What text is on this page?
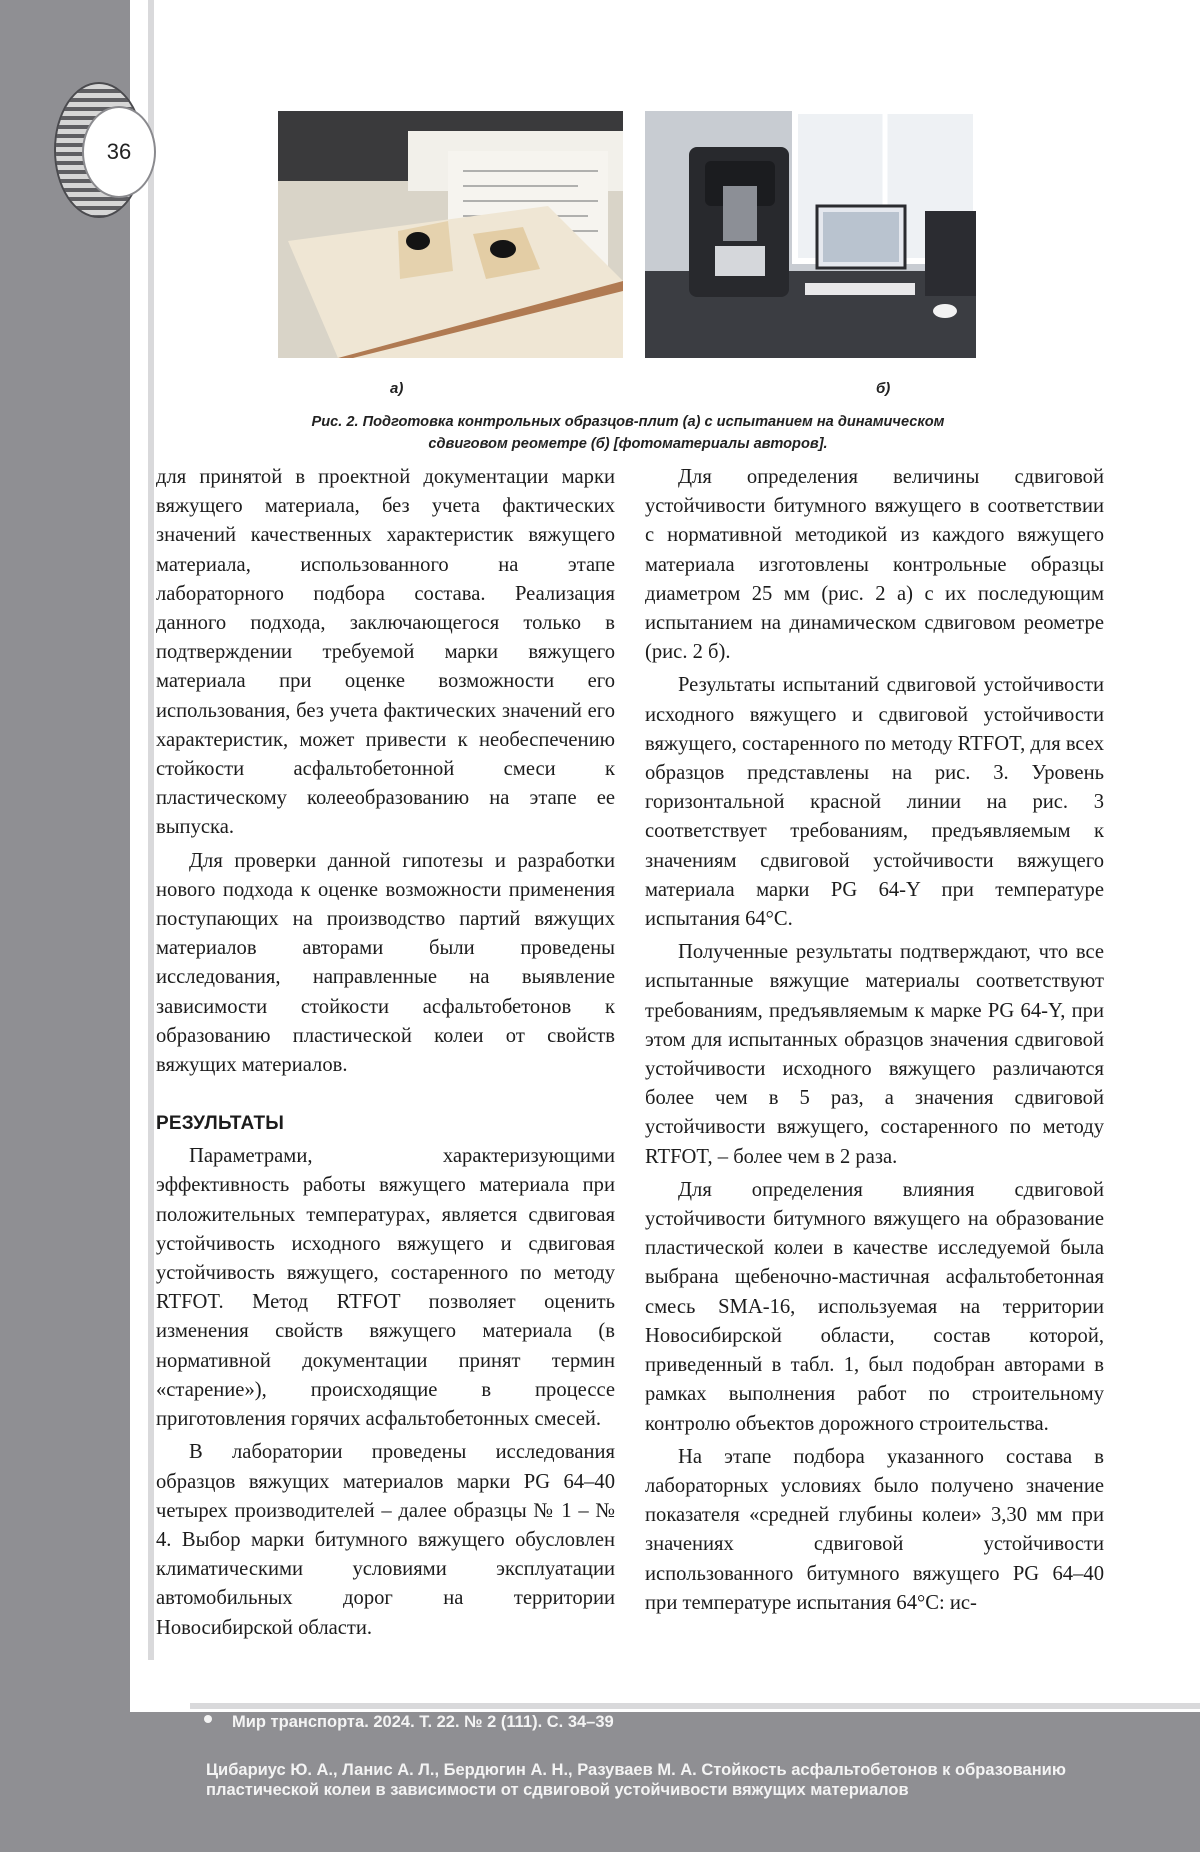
36
а)	б)
Рис. 2. Подготовка контрольных образцов-плит (а) с испытанием на динамическом
сдвиговом реометре (б) [фотоматериалы авторов].

для принятой в проектной документации марки вяжущего материала, без учета фактических значений качественных характеристик вяжущего материала, использованного на этапе лабораторного подбора состава. Реализация данного подхода, заключающегося только в подтверждении требуемой марки вяжущего материала при оценке возможности его использования, без учета фактических значений его характеристик, может привести к необеспечению стойкости асфальтобетонной смеси к пластическому колееобразованию на этапе ее выпуска.

Для проверки данной гипотезы и разработки нового подхода к оценке возможности применения поступающих на производство партий вяжущих материалов авторами были проведены исследования, направленные на выявление зависимости стойкости асфальтобетонов к образованию пластической колеи от свойств вяжущих материалов.

РЕЗУЛЬТАТЫ

Параметрами, характеризующими эффективность работы вяжущего материала при положительных температурах, является сдвиговая устойчивость исходного вяжущего и сдвиговая устойчивость вяжущего, состаренного по методу RTFOT. Метод RTFOT позволяет оценить изменения свойств вяжущего материала (в нормативной документации принят термин «старение»), происходящие в процессе приготовления горячих асфальтобетонных смесей.

В лаборатории проведены исследования образцов вяжущих материалов марки PG 64–40 четырех производителей – далее образцы № 1 – № 4. Выбор марки битумного вяжущего обусловлен климатическими условиями эксплуатации автомобильных дорог на территории Новосибирской области.

Для определения величины сдвиговой устойчивости битумного вяжущего в соответствии с нормативной методикой из каждого вяжущего материала изготовлены контрольные образцы диаметром 25 мм (рис. 2 а) с их последующим испытанием на динамическом сдвиговом реометре (рис. 2 б).

Результаты испытаний сдвиговой устойчивости исходного вяжущего и сдвиговой устойчивости вяжущего, состаренного по методу RTFOT, для всех образцов представлены на рис. 3. Уровень горизонтальной красной линии на рис. 3 соответствует требованиям, предъявляемым к значениям сдвиговой устойчивости вяжущего материала марки PG 64-Y при температуре испытания 64°С.

Полученные результаты подтверждают, что все испытанные вяжущие материалы соответствуют требованиям, предъявляемым к марке PG 64-Y, при этом для испытанных образцов значения сдвиговой устойчивости исходного вяжущего различаются более чем в 5 раз, а значения сдвиговой устойчивости вяжущего, состаренного по методу RTFOT, – более чем в 2 раза.

Для определения влияния сдвиговой устойчивости битумного вяжущего на образование пластической колеи в качестве исследуемой была выбрана щебеночно-мастичная асфальтобетонная смесь SMA-16, используемая на территории Новосибирской области, состав которой, приведенный в табл. 1, был подобран авторами в рамках выполнения работ по строительному контролю объектов дорожного строительства.

На этапе подбора указанного состава в лабораторных условиях было получено значение показателя «средней глубины колеи» 3,30 мм при значениях сдвиговой устойчивости использованного битумного вяжущего PG 64–40 при температуре испытания 64°С: ис-

Мир транспорта. 2024. Т. 22. № 2 (111). С. 34–39
Цибариус Ю. А., Ланис А. Л., Бердюгин А. Н., Разуваев М. А. Стойкость асфальтобетонов к образованию пластической колеи в зависимости от сдвиговой устойчивости вяжущих материалов
